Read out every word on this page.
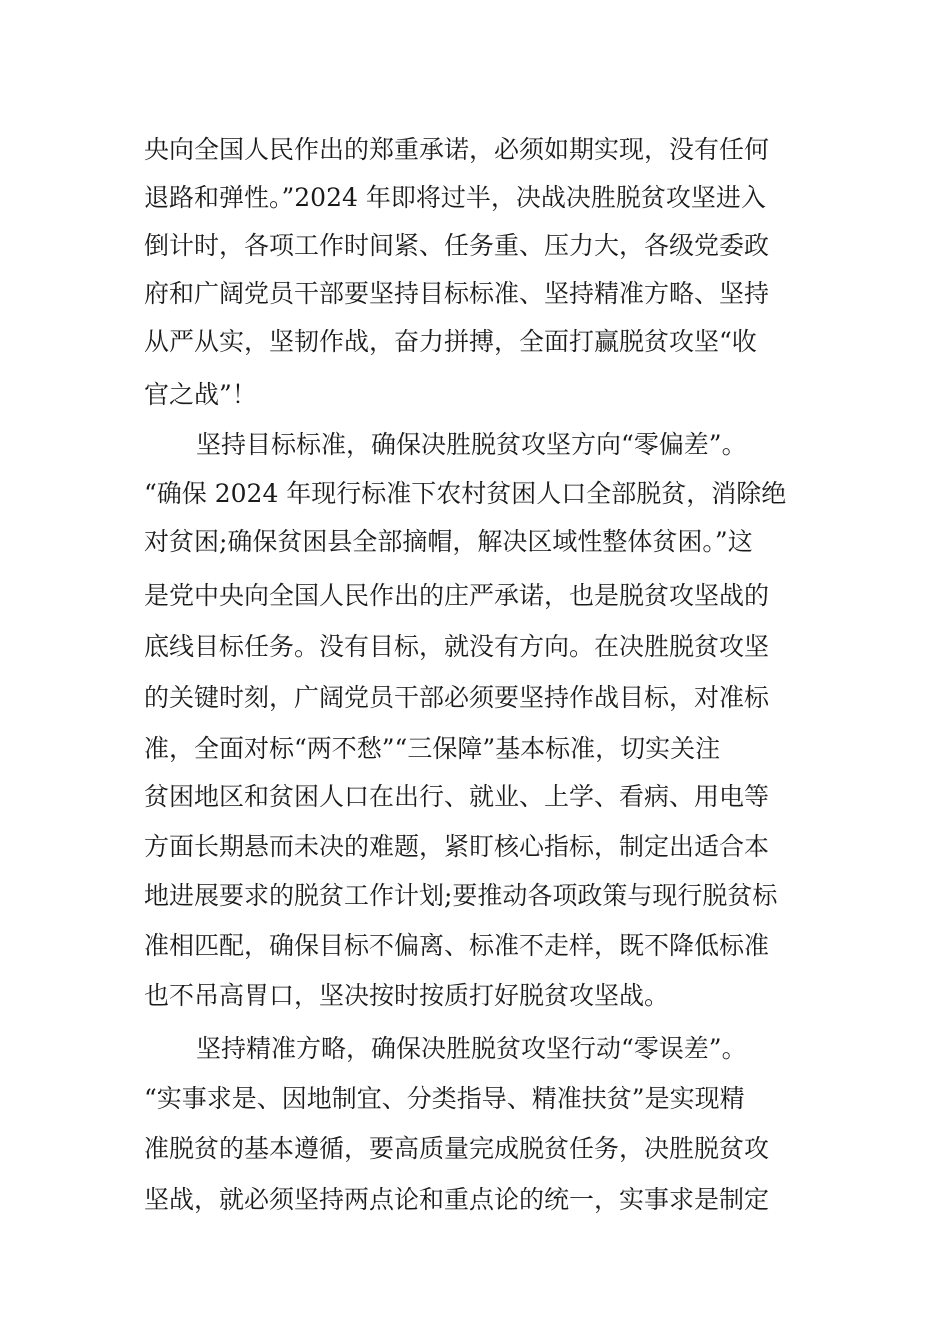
央向全国人民作出的郑重承诺，必须如期实现，没有任何
退路和弹性。”2024 年即将过半，决战决胜脱贫攻坚进入
倒计时，各项工作时间紧、任务重、压力大，各级党委政
府和广阔党员干部要坚持目标标准、坚持精准方略、坚持
从严从实，坚韧作战，奋力拼搏，全面打赢脱贫攻坚“收
官之战”！
坚持目标标准，确保决胜脱贫攻坚方向“零偏差”。
“确保 2024 年现行标准下农村贫困人口全部脱贫，消除绝
对贫困;确保贫困县全部摘帽，解决区域性整体贫困。”这
是党中央向全国人民作出的庄严承诺，也是脱贫攻坚战的
底线目标任务。没有目标，就没有方向。在决胜脱贫攻坚
的关键时刻，广阔党员干部必须要坚持作战目标，对准标
准，全面对标“两不愁”“三保障”基本标准，切实关注
贫困地区和贫困人口在出行、就业、上学、看病、用电等
方面长期悬而未决的难题，紧盯核心指标，制定出适合本
地进展要求的脱贫工作计划;要推动各项政策与现行脱贫标
准相匹配，确保目标不偏离、标准不走样，既不降低标准
也不吊高胃口，坚决按时按质打好脱贫攻坚战。
坚持精准方略，确保决胜脱贫攻坚行动“零误差”。
“实事求是、因地制宜、分类指导、精准扶贫”是实现精
准脱贫的基本遵循，要高质量完成脱贫任务，决胜脱贫攻
坚战，就必须坚持两点论和重点论的统一，实事求是制定
